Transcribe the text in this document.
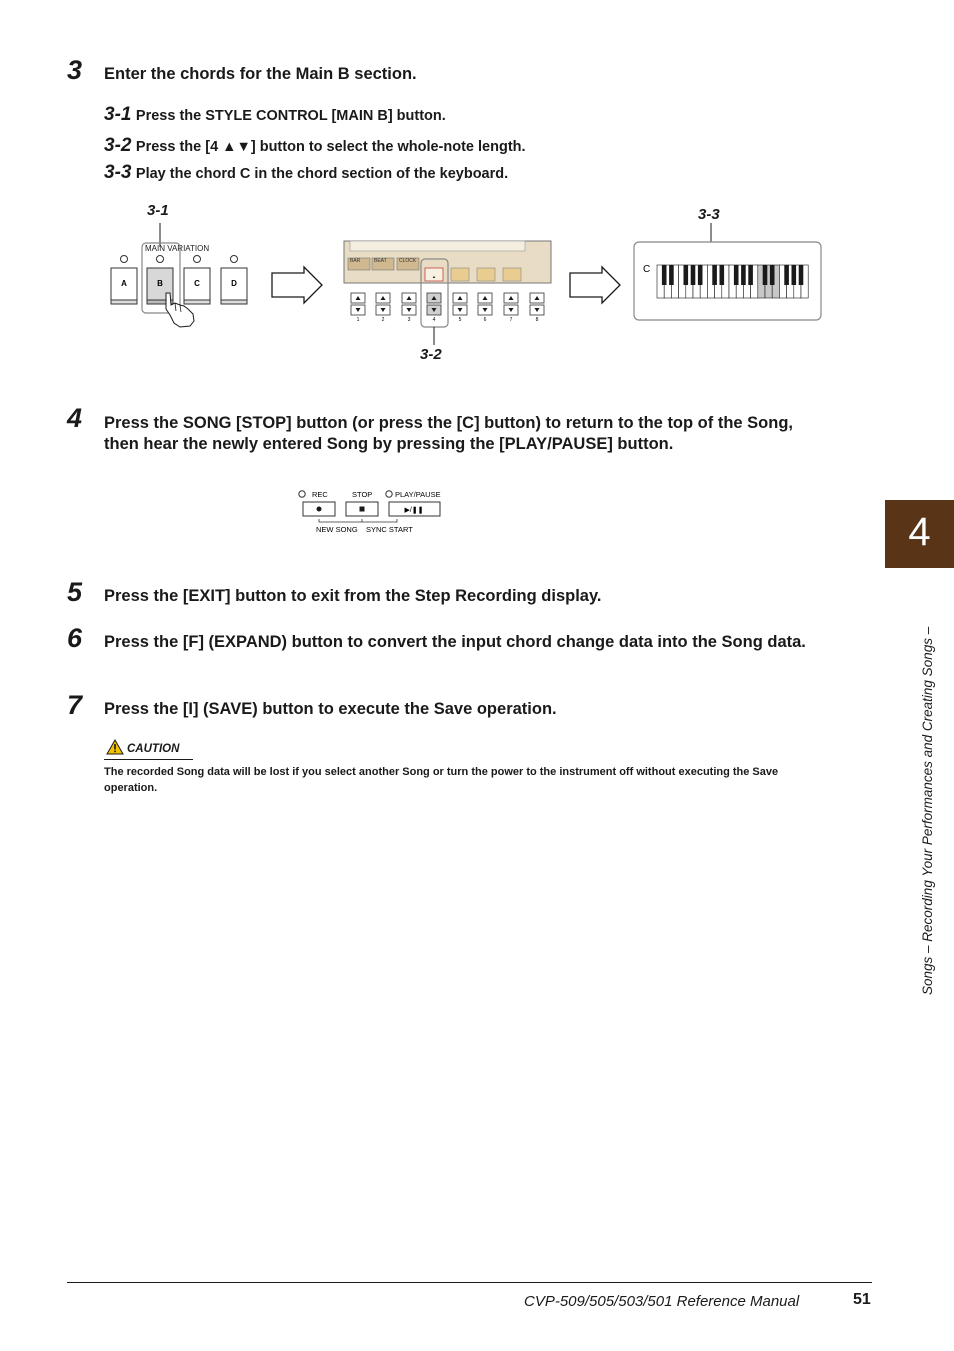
3 Enter the chords for the Main B section.
3-1 Press the STYLE CONTROL [MAIN B] button.
3-2 Press the [4 ▲▼] button to select the whole-note length.
3-3 Play the chord C in the chord section of the keyboard.
3-1	3-3
3-2
MAIN VARIATION
A	B	C	D
BAR	BEAT CLOCK
𝅝
1	2	3	4	5	6	7	8
C
4 Press the SONG [STOP] button (or press the [C] button) to return to the top of the Song, then hear the newly entered Song by pressing the [PLAY/PAUSE] button.
REC	STOP	PLAY/PAUSE
▶/❚❚
NEW SONG SYNC START
5 Press the [EXIT] button to exit from the Step Recording display.
6 Press the [F] (EXPAND) button to convert the input chord change data into the Song data.
7 Press the [I] (SAVE) button to execute the Save operation.
CAUTION
The recorded Song data will be lost if you select another Song or turn the power to the instrument off without executing the Save operation.
4
Songs – Recording Your Performances and Creating Songs –
CVP-509/505/503/501 Reference Manual	51
